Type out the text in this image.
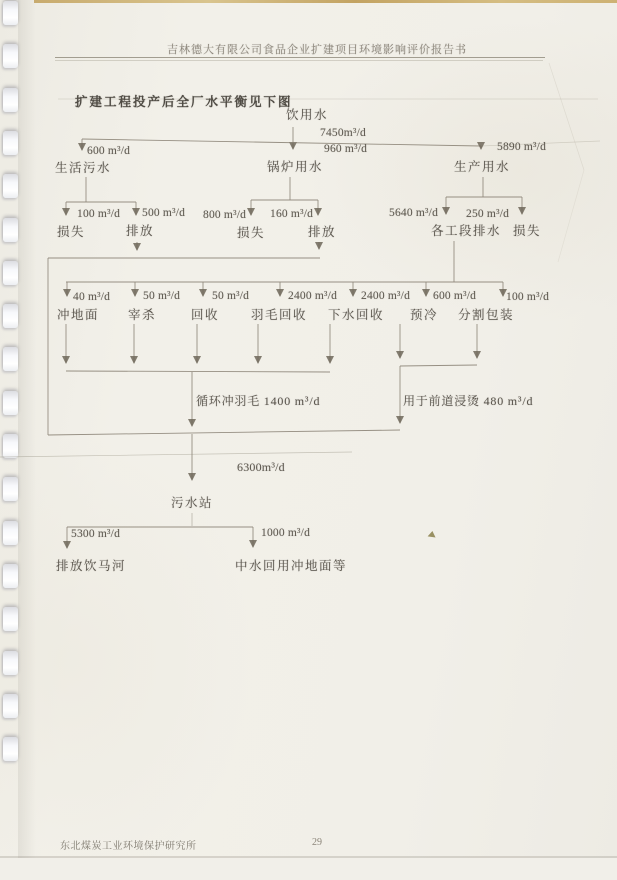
吉林德大有限公司食品企业扩建项目环境影响评价报告书
扩建工程投产后全厂水平衡见下图
饮用水
7450m³/d
600 m³/d	960 m³/d	5890 m³/d
生活污水	锅炉用水	生产用水
100 m³/d 500 m³/d
损失	排放
800 m³/d 160 m³/d
损失	排放
5640 m³/d 250 m³/d
各工段排水 损失
40 m³/d	50 m³/d	50 m³/d	2400 m³/d 2400 m³/d 600 m³/d	100 m³/d
冲地面 宰杀	回收	羽毛回收 下水回收 预冷 分割包装
循环冲羽毛 1400 m³/d	用于前道浸烫 480 m³/d
6300m³/d
污水站
5300 m³/d	1000 m³/d
排放饮马河	中水回用冲地面等
东北煤炭工业环境保护研究所	29
